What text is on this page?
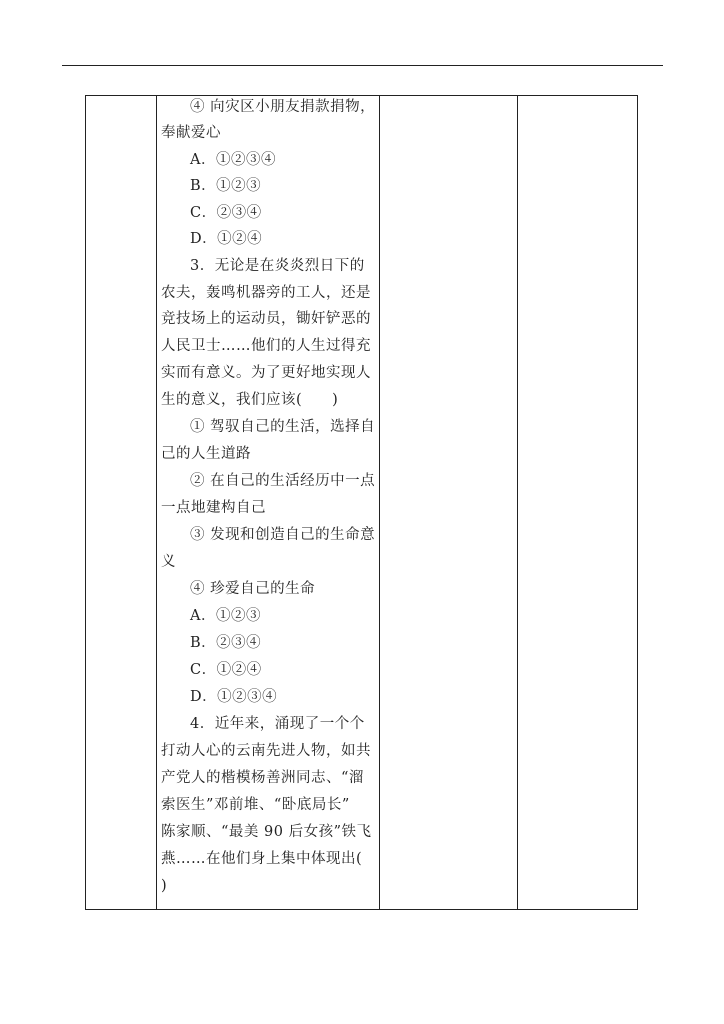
④ 向灾区小朋友捐款捐物，
奉献爱心
A．①②③④
B．①②③
C．②③④
D．①②④
3．无论是在炎炎烈日下的
农夫，轰鸣机器旁的工人，还是
竞技场上的运动员，锄奸铲恶的
人民卫士……他们的人生过得充
实而有意义。为了更好地实现人
生的意义，我们应该(　　)
① 驾驭自己的生活，选择自
己的人生道路
② 在自己的生活经历中一点
一点地建构自己
③ 发现和创造自己的生命意
义
④ 珍爱自己的生命
A．①②③
B．②③④
C．①②④
D．①②③④
4．近年来，涌现了一个个
打动人心的云南先进人物，如共
产党人的楷模杨善洲同志、“溜
索医生”邓前堆、“卧底局长”
陈家顺、“最美 90 后女孩”铁飞
燕……在他们身上集中体现出(
)
